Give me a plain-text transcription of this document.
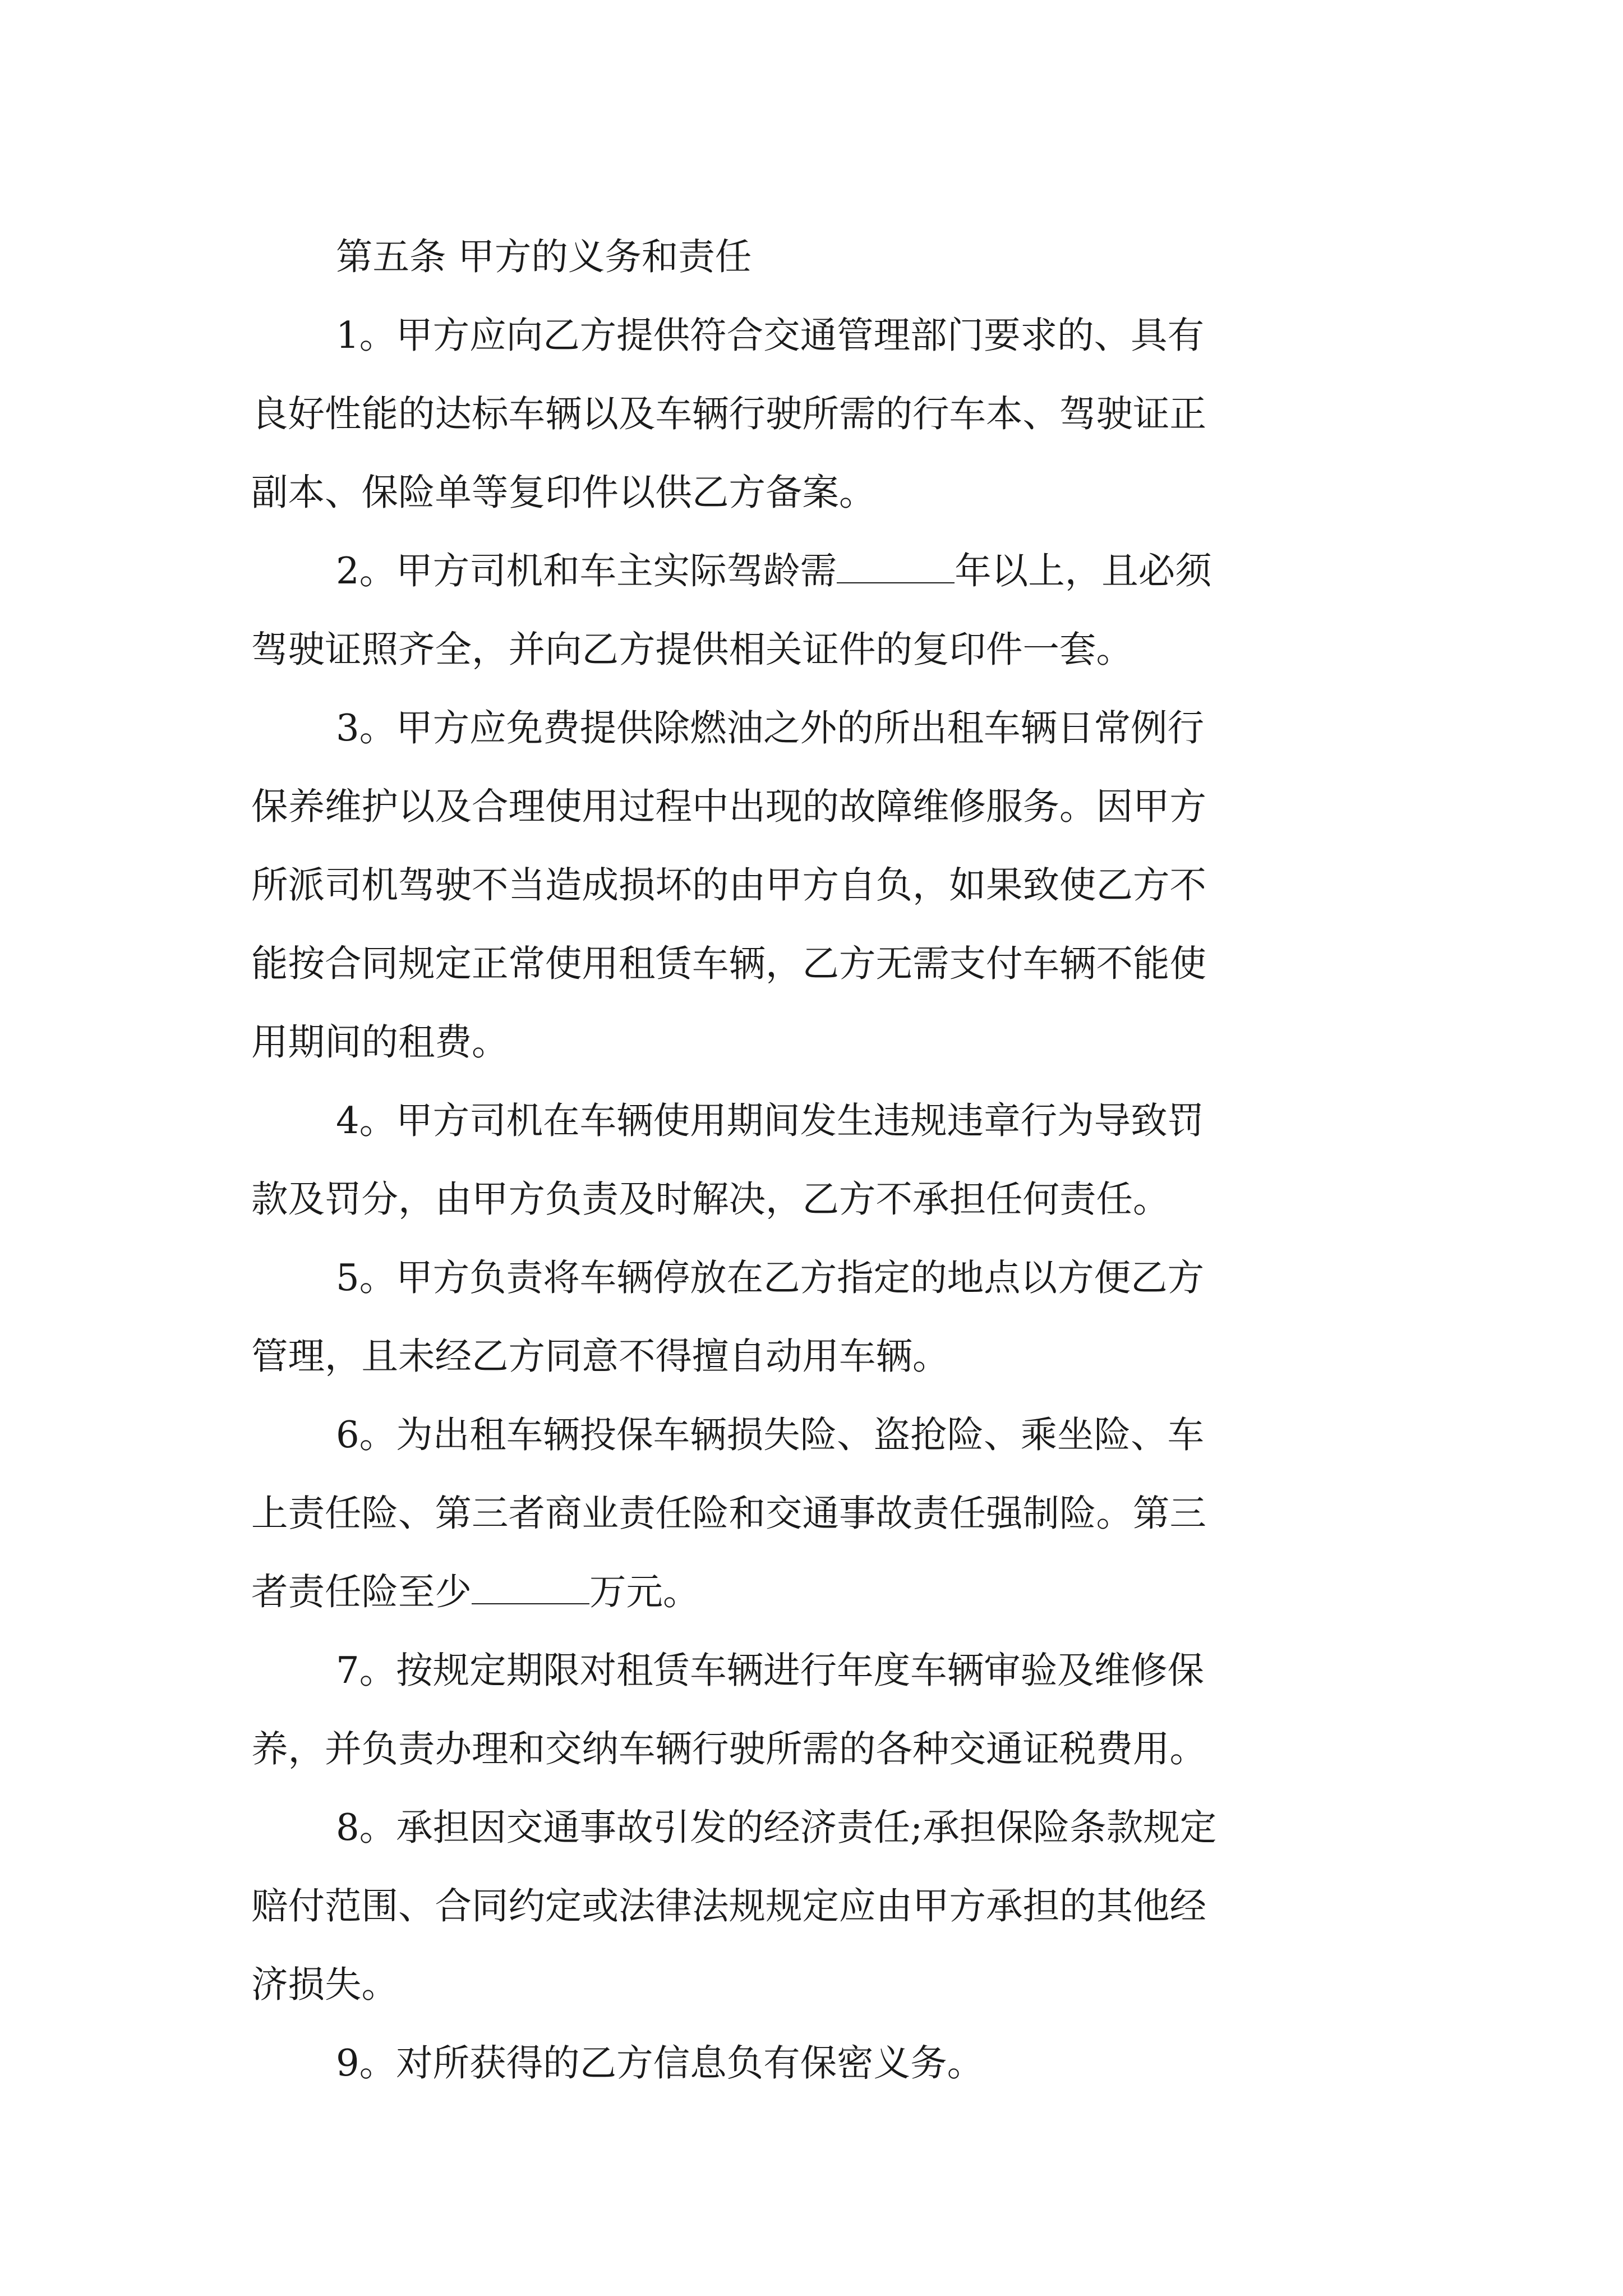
第五条 甲方的义务和责任

1。甲方应向乙方提供符合交通管理部门要求的、具有
良好性能的达标车辆以及车辆行驶所需的行车本、驾驶证正
副本、保险单等复印件以供乙方备案。

2。甲方司机和车主实际驾龄需	年以上，且必须
驾驶证照齐全，并向乙方提供相关证件的复印件一套。

3。甲方应免费提供除燃油之外的所出租车辆日常例行
保养维护以及合理使用过程中出现的故障维修服务。因甲方
所派司机驾驶不当造成损坏的由甲方自负，如果致使乙方不
能按合同规定正常使用租赁车辆，乙方无需支付车辆不能使
用期间的租费。

4。甲方司机在车辆使用期间发生违规违章行为导致罚
款及罚分，由甲方负责及时解决，乙方不承担任何责任。

5。甲方负责将车辆停放在乙方指定的地点以方便乙方
管理，且未经乙方同意不得擅自动用车辆。

6。为出租车辆投保车辆损失险、盗抢险、乘坐险、车
上责任险、第三者商业责任险和交通事故责任强制险。第三
者责任险至少	万元。

7。按规定期限对租赁车辆进行年度车辆审验及维修保
养，并负责办理和交纳车辆行驶所需的各种交通证税费用。

8。承担因交通事故引发的经济责任;承担保险条款规定
赔付范围、合同约定或法律法规规定应由甲方承担的其他经
济损失。

9。对所获得的乙方信息负有保密义务。
